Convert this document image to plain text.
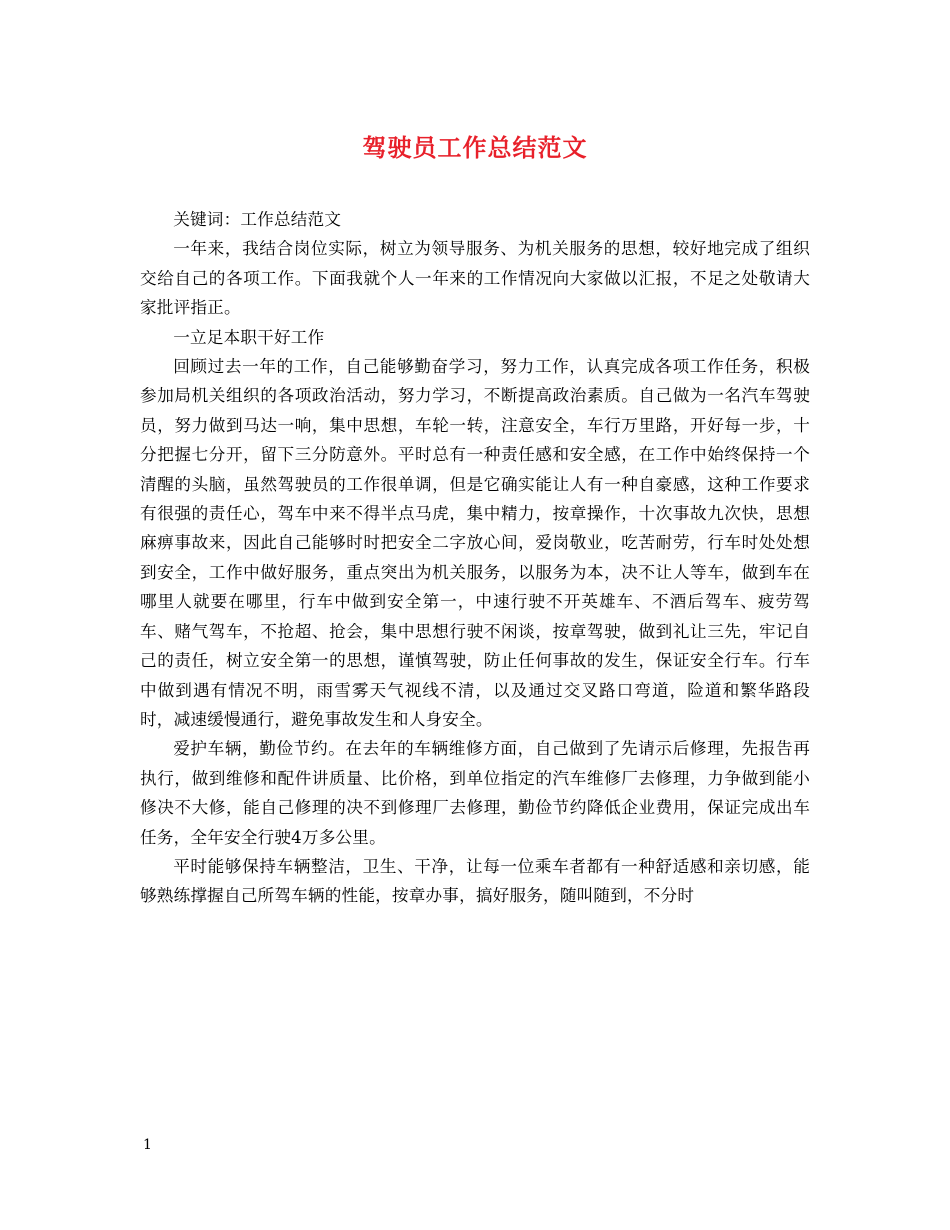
驾驶员工作总结范文

关键词：工作总结范文

一年来，我结合岗位实际，树立为领导服务、为机关服务的思想，较好地完成了组织交给自己的各项工作。下面我就个人一年来的工作情况向大家做以汇报，不足之处敬请大家批评指正。

一立足本职干好工作

回顾过去一年的工作，自己能够勤奋学习，努力工作，认真完成各项工作任务，积极参加局机关组织的各项政治活动，努力学习，不断提高政治素质。自己做为一名汽车驾驶员，努力做到马达一响，集中思想，车轮一转，注意安全，车行万里路，开好每一步，十分把握七分开，留下三分防意外。平时总有一种责任感和安全感，在工作中始终保持一个清醒的头脑，虽然驾驶员的工作很单调，但是它确实能让人有一种自豪感，这种工作要求有很强的责任心，驾车中来不得半点马虎，集中精力，按章操作，十次事故九次快，思想麻痹事故来，因此自己能够时时把安全二字放心间，爱岗敬业，吃苦耐劳，行车时处处想到安全，工作中做好服务，重点突出为机关服务，以服务为本，决不让人等车，做到车在哪里人就要在哪里，行车中做到安全第一，中速行驶不开英雄车、不酒后驾车、疲劳驾车、赌气驾车，不抢超、抢会，集中思想行驶不闲谈，按章驾驶，做到礼让三先，牢记自己的责任，树立安全第一的思想，谨慎驾驶，防止任何事故的发生，保证安全行车。行车中做到遇有情况不明，雨雪雾天气视线不清，以及通过交叉路口弯道，险道和繁华路段时，减速缓慢通行，避免事故发生和人身安全。

爱护车辆，勤俭节约。在去年的车辆维修方面，自己做到了先请示后修理，先报告再执行，做到维修和配件讲质量、比价格，到单位指定的汽车维修厂去修理，力争做到能小修决不大修，能自己修理的决不到修理厂去修理，勤俭节约降低企业费用，保证完成出车任务，全年安全行驶4万多公里。

平时能够保持车辆整洁，卫生、干净，让每一位乘车者都有一种舒适感和亲切感，能够熟练撑握自己所驾车辆的性能，按章办事，搞好服务，随叫随到，不分时

1
